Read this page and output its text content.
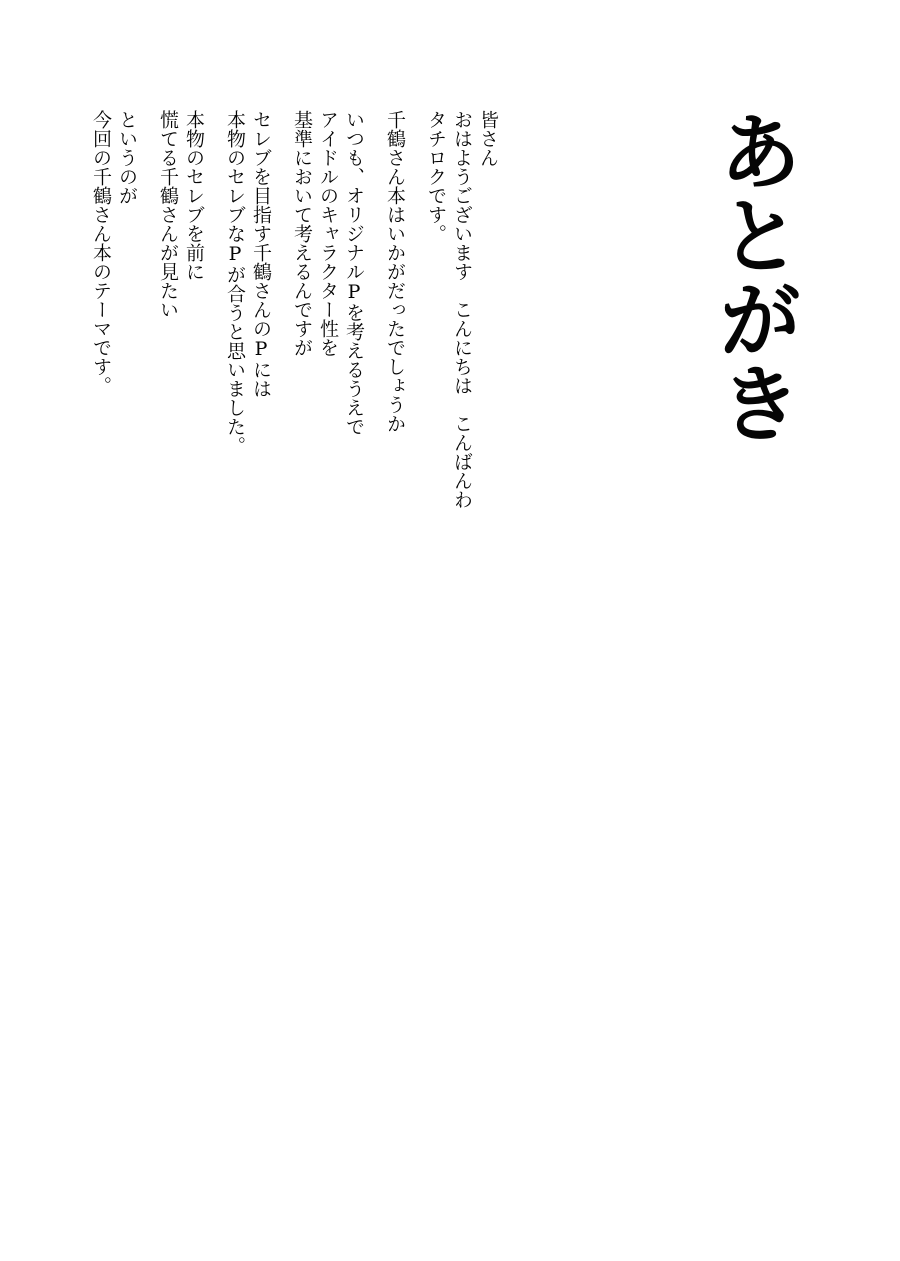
あとがき

皆さん

おはようございます　こんにちは　こんばんわ

タチロクです。

千鶴さん本はいかがだったでしょうか

いつも、オリジナルPを考えるうえで

アイドルのキャラクター性を

基準において考えるんですが

セレブを目指す千鶴さんのPには

本物のセレブなPが合うと思いました。

本物のセレブを前に

慌てる千鶴さんが見たい

というのが

今回の千鶴さん本のテーマです。
